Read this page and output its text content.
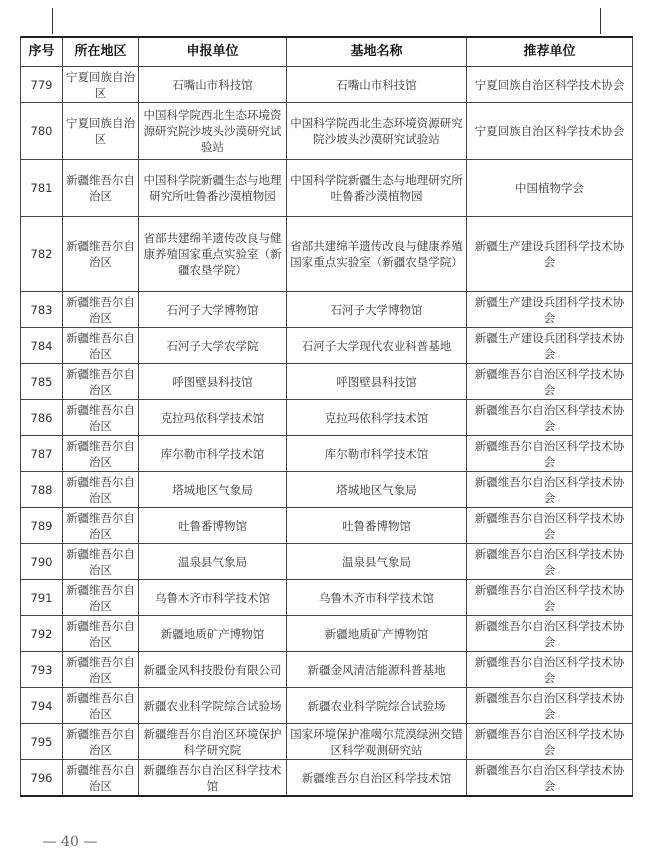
序号	所在地区	申报单位	基地名称	推荐单位
779	宁夏回族自治区	石嘴山市科技馆	石嘴山市科技馆	宁夏回族自治区科学技术协会
780	宁夏回族自治区	中国科学院西北生态环境资源研究院沙坡头沙漠研究试验站	中国科学院西北生态环境资源研究院沙坡头沙漠研究试验站	宁夏回族自治区科学技术协会
781	新疆维吾尔自治区	中国科学院新疆生态与地理研究所吐鲁番沙漠植物园	中国科学院新疆生态与地理研究所吐鲁番沙漠植物园	中国植物学会
782	新疆维吾尔自治区	省部共建绵羊遗传改良与健康养殖国家重点实验室（新疆农垦学院）	省部共建绵羊遗传改良与健康养殖国家重点实验室（新疆农垦学院）	新疆生产建设兵团科学技术协会
783	新疆维吾尔自治区	石河子大学博物馆	石河子大学博物馆	新疆生产建设兵团科学技术协会
784	新疆维吾尔自治区	石河子大学农学院	石河子大学现代农业科普基地	新疆生产建设兵团科学技术协会
785	新疆维吾尔自治区	呼图壁县科技馆	呼图壁县科技馆	新疆维吾尔自治区科学技术协会
786	新疆维吾尔自治区	克拉玛依科学技术馆	克拉玛依科学技术馆	新疆维吾尔自治区科学技术协会
787	新疆维吾尔自治区	库尔勒市科学技术馆	库尔勒市科学技术馆	新疆维吾尔自治区科学技术协会
788	新疆维吾尔自治区	塔城地区气象局	塔城地区气象局	新疆维吾尔自治区科学技术协会
789	新疆维吾尔自治区	吐鲁番博物馆	吐鲁番博物馆	新疆维吾尔自治区科学技术协会
790	新疆维吾尔自治区	温泉县气象局	温泉县气象局	新疆维吾尔自治区科学技术协会
791	新疆维吾尔自治区	乌鲁木齐市科学技术馆	乌鲁木齐市科学技术馆	新疆维吾尔自治区科学技术协会
792	新疆维吾尔自治区	新疆地质矿产博物馆	新疆地质矿产博物馆	新疆维吾尔自治区科学技术协会
793	新疆维吾尔自治区	新疆金风科技股份有限公司	新疆金风清洁能源科普基地	新疆维吾尔自治区科学技术协会
794	新疆维吾尔自治区	新疆农业科学院综合试验场	新疆农业科学院综合试验场	新疆维吾尔自治区科学技术协会
795	新疆维吾尔自治区	新疆维吾尔自治区环境保护科学研究院	国家环境保护准噶尔荒漠绿洲交错区科学观测研究站	新疆维吾尔自治区科学技术协会
796	新疆维吾尔自治区	新疆维吾尔自治区科学技术馆	新疆维吾尔自治区科学技术馆	新疆维吾尔自治区科学技术协会
— 40 —
